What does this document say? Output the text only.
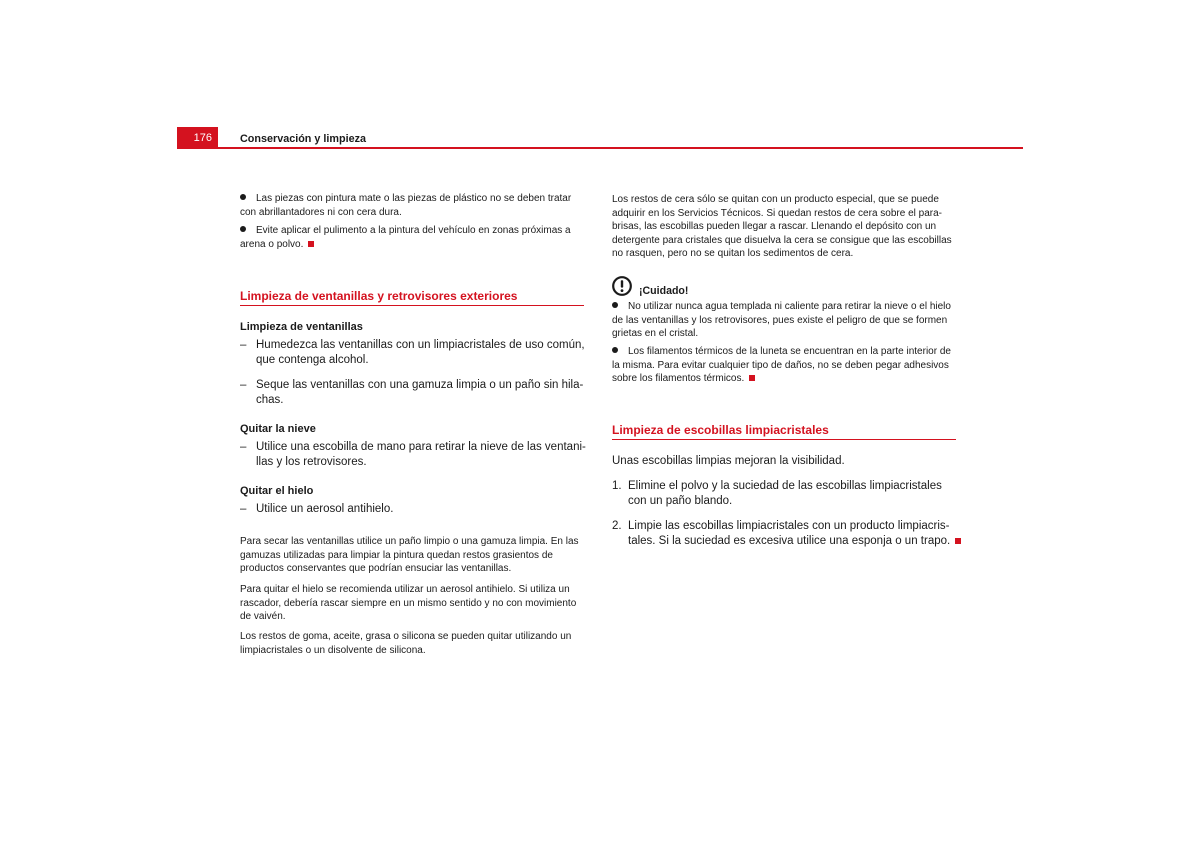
176	Conservación y limpieza
Las piezas con pintura mate o las piezas de plástico no se deben tratar
con abrillantadores ni con cera dura.
Evite aplicar el pulimento a la pintura del vehículo en zonas próximas a
arena o polvo.
Limpieza de ventanillas y retrovisores exteriores
Limpieza de ventanillas
– Humedezca las ventanillas con un limpiacristales de uso común,
que contenga alcohol.
– Seque las ventanillas con una gamuza limpia o un paño sin hila-
chas.
Quitar la nieve
– Utilice una escobilla de mano para retirar la nieve de las ventani-
llas y los retrovisores.
Quitar el hielo
– Utilice un aerosol antihielo.
Para secar las ventanillas utilice un paño limpio o una gamuza limpia. En las
gamuzas utilizadas para limpiar la pintura quedan restos grasientos de
productos conservantes que podrían ensuciar las ventanillas.
Para quitar el hielo se recomienda utilizar un aerosol antihielo. Si utiliza un
rascador, debería rascar siempre en un mismo sentido y no con movimiento
de vaivén.
Los restos de goma, aceite, grasa o silicona se pueden quitar utilizando un
limpiacristales o un disolvente de silicona.
Los restos de cera sólo se quitan con un producto especial, que se puede
adquirir en los Servicios Técnicos. Si quedan restos de cera sobre el para-
brisas, las escobillas pueden llegar a rascar. Llenando el depósito con un
detergente para cristales que disuelva la cera se consigue que las escobillas
no rasquen, pero no se quitan los sedimentos de cera.
¡Cuidado!
No utilizar nunca agua templada ni caliente para retirar la nieve o el hielo
de las ventanillas y los retrovisores, pues existe el peligro de que se formen
grietas en el cristal.
Los filamentos térmicos de la luneta se encuentran en la parte interior de
la misma. Para evitar cualquier tipo de daños, no se deben pegar adhesivos
sobre los filamentos térmicos.
Limpieza de escobillas limpiacristales
Unas escobillas limpias mejoran la visibilidad.
1. Elimine el polvo y la suciedad de las escobillas limpiacristales
con un paño blando.
2. Limpie las escobillas limpiacristales con un producto limpiacris-
tales. Si la suciedad es excesiva utilice una esponja o un trapo.
